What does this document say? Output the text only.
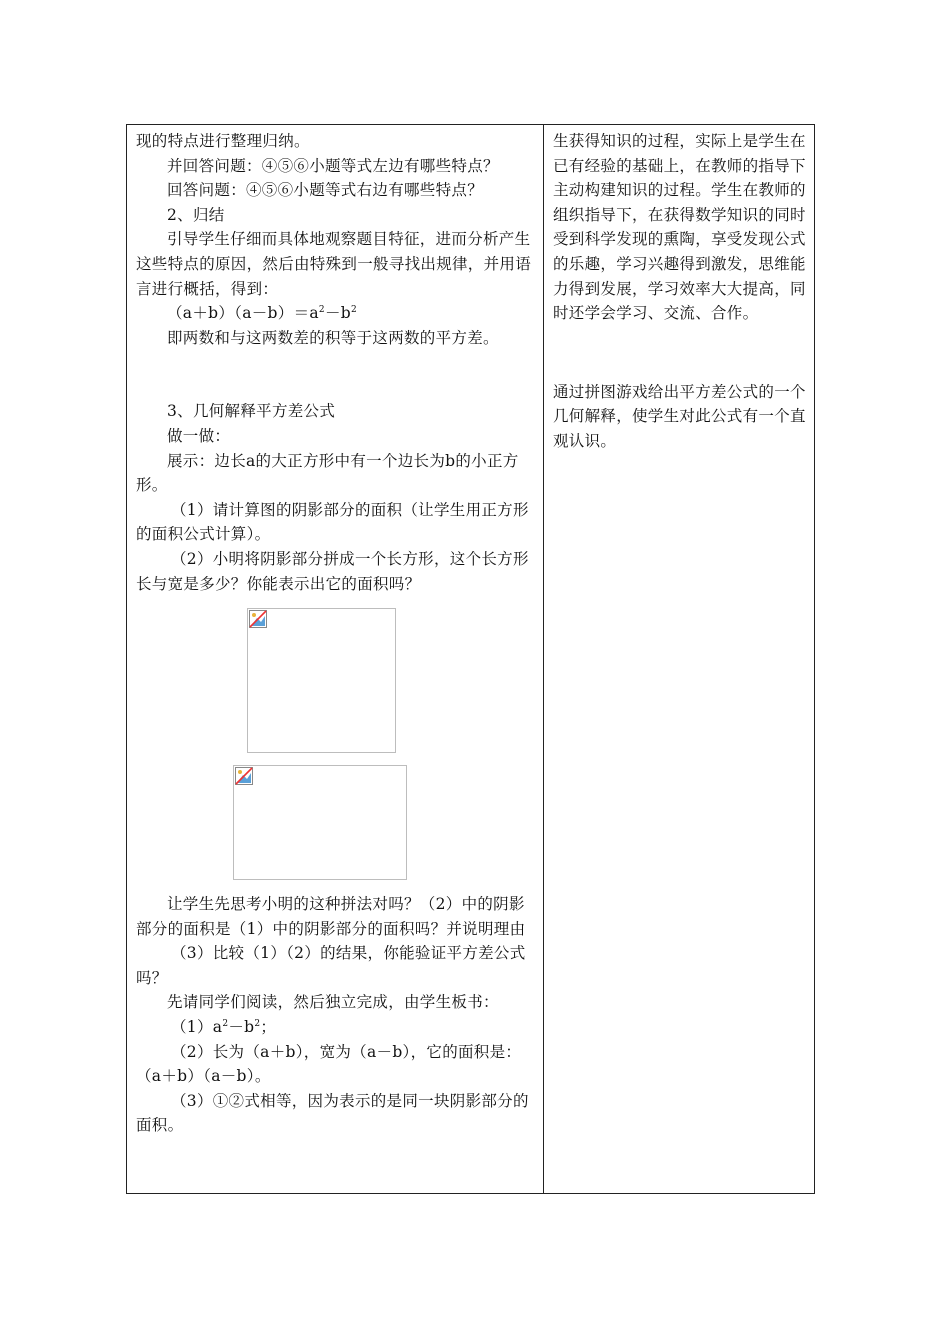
现的特点进行整理归纳。

并回答问题：④⑤⑥小题等式左边有哪些特点？

回答问题：④⑤⑥小题等式右边有哪些特点？

2、归结

引导学生仔细而具体地观察题目特征，进而分析产生这些特点的原因，然后由特殊到一般寻找出规律，并用语言进行概括，得到：

$(a+b)(a-b)=a^2-b^2$

即两数和与这两数差的积等于这两数的平方差。

3、几何解释平方差公式

做一做：

展示：边长a的大正方形中有一个边长为b的小正方形。

（1）请计算图的阴影部分的面积（让学生用正方形的面积公式计算）。

（2）小明将阴影部分拼成一个长方形，这个长方形长与宽是多少？你能表示出它的面积吗？

让学生先思考小明的这种拼法对吗？（2）中的阴影部分的面积是（1）中的阴影部分的面积吗？并说明理由

（3）比较（1）（2）的结果，你能验证平方差公式吗？

先请同学们阅读，然后独立完成，由学生板书：

$(1)a^2-b^2$；

（2）长为（a＋b），宽为（a－b），它的面积是：

（a＋b）（a－b）。

（3）①②式相等，因为表示的是同一块阴影部分的面积。

生获得知识的过程，实际上是学生在已有经验的基础上，在教师的指导下主动构建知识的过程。学生在教师的组织指导下，在获得数学知识的同时受到科学发现的熏陶，享受发现公式的乐趣，学习兴趣得到激发，思维能力得到发展，学习效率大大提高，同时还学会学习、交流、合作。

通过拼图游戏给出平方差公式的一个几何解释，使学生对此公式有一个直观认识。
